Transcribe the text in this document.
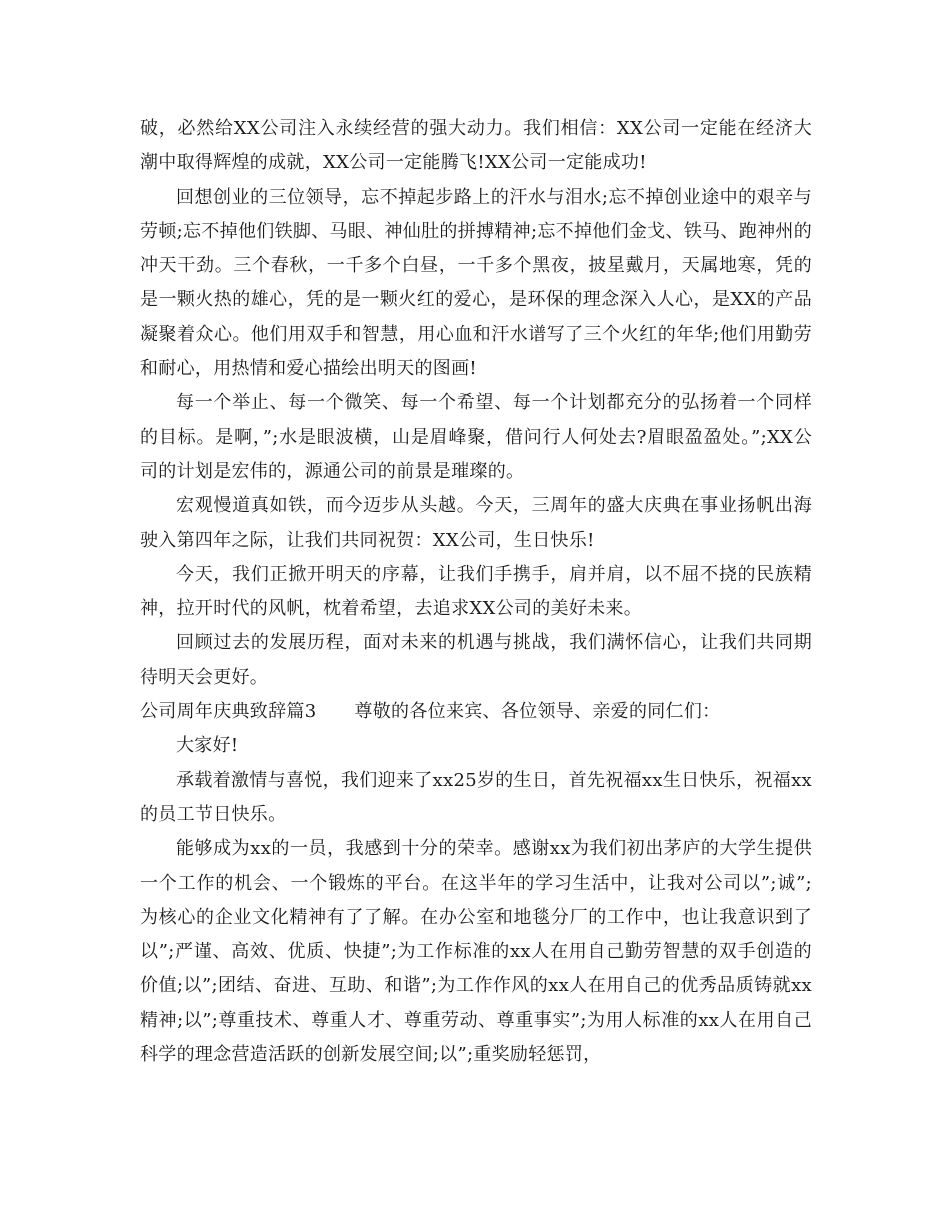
破，必然给XX公司注入永续经营的强大动力。我们相信：XX公司一定能在经济大潮中取得辉煌的成就，XX公司一定能腾飞!XX公司一定能成功!

回想创业的三位领导，忘不掉起步路上的汗水与泪水;忘不掉创业途中的艰辛与劳顿;忘不掉他们铁脚、马眼、神仙肚的拼搏精神;忘不掉他们金戈、铁马、跑神州的冲天干劲。三个春秋，一千多个白昼，一千多个黑夜，披星戴月，天属地寒，凭的是一颗火热的雄心，凭的是一颗火红的爱心，是环保的理念深入人心，是XX的产品凝聚着众心。他们用双手和智慧，用心血和汗水谱写了三个火红的年华;他们用勤劳和耐心，用热情和爱心描绘出明天的图画!

每一个举止、每一个微笑、每一个希望、每一个计划都充分的弘扬着一个同样的目标。是啊，”;水是眼波横，山是眉峰聚，借问行人何处去?眉眼盈盈处。”;XX公司的计划是宏伟的，源通公司的前景是璀璨的。

宏观慢道真如铁，而今迈步从头越。今天，三周年的盛大庆典在事业扬帆出海驶入第四年之际，让我们共同祝贺：XX公司，生日快乐!

今天，我们正掀开明天的序幕，让我们手携手，肩并肩，以不屈不挠的民族精神，拉开时代的风帆，枕着希望，去追求XX公司的美好未来。

回顾过去的发展历程，面对未来的机遇与挑战，我们满怀信心，让我们共同期待明天会更好。

公司周年庆典致辞篇3 尊敬的各位来宾、各位领导、亲爱的同仁们：

大家好!

承载着激情与喜悦，我们迎来了xx25岁的生日，首先祝福xx生日快乐，祝福xx的员工节日快乐。

能够成为xx的一员，我感到十分的荣幸。感谢xx为我们初出茅庐的大学生提供一个工作的机会、一个锻炼的平台。在这半年的学习生活中，让我对公司以”;诚”;为核心的企业文化精神有了了解。在办公室和地毯分厂的工作中，也让我意识到了以”;严谨、高效、优质、快捷”;为工作标准的xx人在用自己勤劳智慧的双手创造的价值;以”;团结、奋进、互助、和谐”;为工作作风的xx人在用自己的优秀品质铸就xx精神;以”;尊重技术、尊重人才、尊重劳动、尊重事实”;为用人标准的xx人在用自己科学的理念营造活跃的创新发展空间;以”;重奖励轻惩罚，
